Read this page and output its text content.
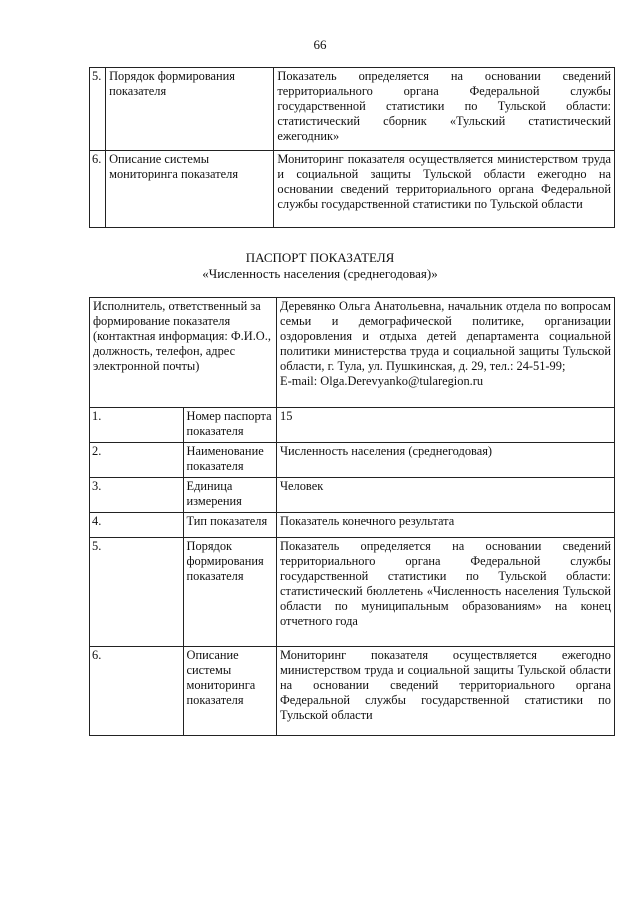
66
5.	Порядок формирования показателя	Показатель определяется на основании сведений территориального органа Федеральной службы государственной статистики по Тульской области: статистический сборник «Тульский статистический ежегодник»
6.	Описание системы мониторинга показателя	Мониторинг показателя осуществляется министерством труда и социальной защиты Тульской области ежегодно на основании сведений территориального органа Федеральной службы государственной статистики по Тульской области
ПАСПОРТ ПОКАЗАТЕЛЯ
«Численность населения (среднегодовая)»
Исполнитель, ответственный за формирование показателя (контактная информация: Ф.И.О., должность, телефон, адрес электронной почты)		Деревянко Ольга Анатольевна, начальник отдела по вопросам семьи и демографической политике, организации оздоровления и отдыха детей департамента социальной политики министерства труда и социальной защиты Тульской области, г. Тула, ул. Пушкинская, д. 29, тел.: 24-51-99;
E-mail: Olga.Derevyanko@tularegion.ru

1.	Номер паспорта показателя	15
2.	Наименование показателя	Численность населения (среднегодовая)
3.	Единица измерения	Человек
4.	Тип показателя	Показатель конечного результата
5.	Порядок формирования показателя	Показатель определяется на основании сведений территориального органа Федеральной службы государственной статистики по Тульской области: статистический бюллетень «Численность населения Тульской области по муниципальным образованиям» на конец отчетного года
6.	Описание системы мониторинга показателя	Мониторинг показателя осуществляется ежегодно министерством труда и социальной защиты Тульской области на основании сведений территориального органа Федеральной службы государственной статистики по Тульской области
